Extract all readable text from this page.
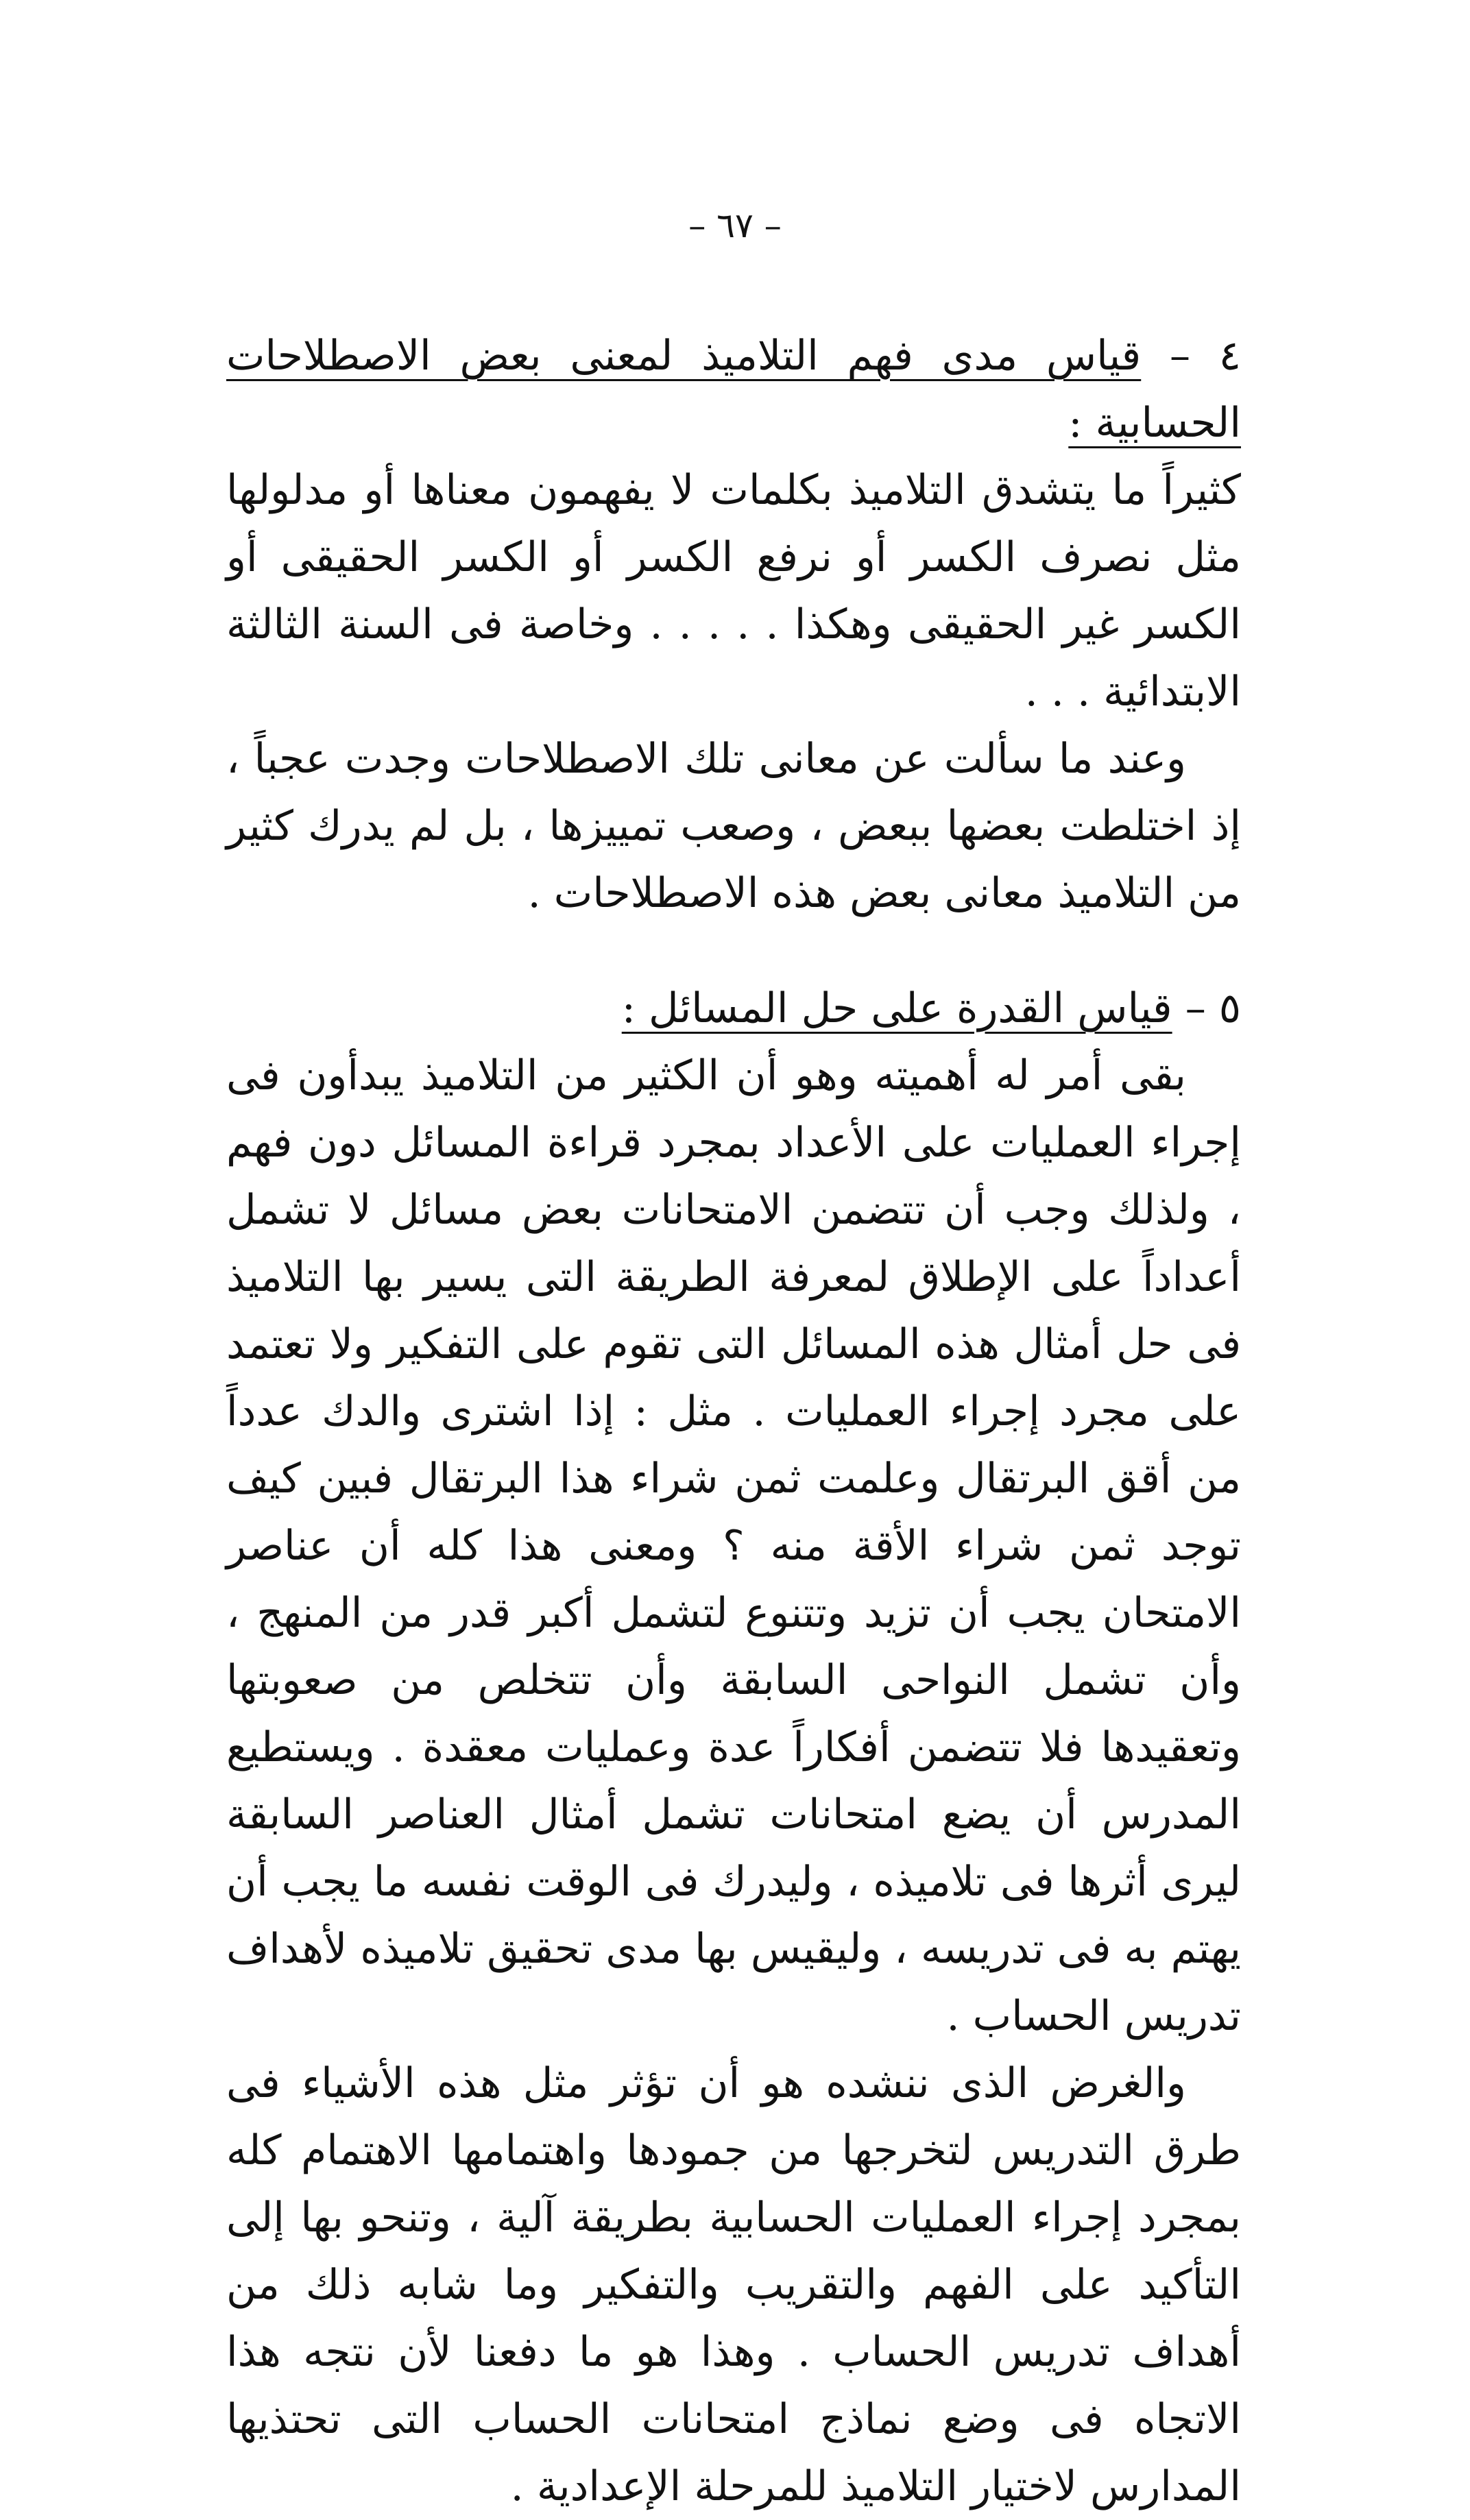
– ٦٧ –
٤ – قياس مدى فهم التلاميذ لمعنى بعض الاصطلاحات الحسابية :

كثيراً ما يتشدق التلاميذ بكلمات لا يفهمون معناها أو مدلولها مثل نصرف الكسر أو نرفع الكسر أو الكسر الحقيقى أو الكسر غير الحقيقى وهكذا . . . . . وخاصة فى السنة الثالثة الابتدائية . . .

وعند ما سألت عن معانى تلك الاصطلاحات وجدت عجباً ، إذ اختلطت بعضها ببعض ، وصعب تمييزها ، بل لم يدرك كثير من التلاميذ معانى بعض هذه الاصطلاحات .

٥ – قياس القدرة على حل المسائل :

بقى أمر له أهميته وهو أن الكثير من التلاميذ يبدأون فى إجراء العمليات على الأعداد بمجرد قراءة المسائل دون فهم ، ولذلك وجب أن تتضمن الامتحانات بعض مسائل لا تشمل أعداداً على الإطلاق لمعرفة الطريقة التى يسير بها التلاميذ فى حل أمثال هذه المسائل التى تقوم على التفكير ولا تعتمد على مجرد إجراء العمليات . مثل : إذا اشترى والدك عدداً من أقق البرتقال وعلمت ثمن شراء هذا البرتقال فبين كيف توجد ثمن شراء الأقة منه ؟ ومعنى هذا كله أن عناصر الامتحان يجب أن تزيد وتتنوع لتشمل أكبر قدر من المنهج ، وأن تشمل النواحى السابقة وأن تتخلص من صعوبتها وتعقيدها فلا تتضمن أفكاراً عدة وعمليات معقدة . ويستطيع المدرس أن يضع امتحانات تشمل أمثال العناصر السابقة ليرى أثرها فى تلاميذه ، وليدرك فى الوقت نفسه ما يجب أن يهتم به فى تدريسه ، وليقيس بها مدى تحقيق تلاميذه لأهداف تدريس الحساب .

والغرض الذى ننشده هو أن تؤثر مثل هذه الأشياء فى طرق التدريس لتخرجها من جمودها واهتمامها الاهتمام كله بمجرد إجراء العمليات الحسابية بطريقة آلية ، وتنحو بها إلى التأكيد على الفهم والتقريب والتفكير وما شابه ذلك من أهداف تدريس الحساب . وهذا هو ما دفعنا لأن نتجه هذا الاتجاه فى وضع نماذج امتحانات الحساب التى تحتذيها المدارس لاختيار التلاميذ للمرحلة الإعدادية .
